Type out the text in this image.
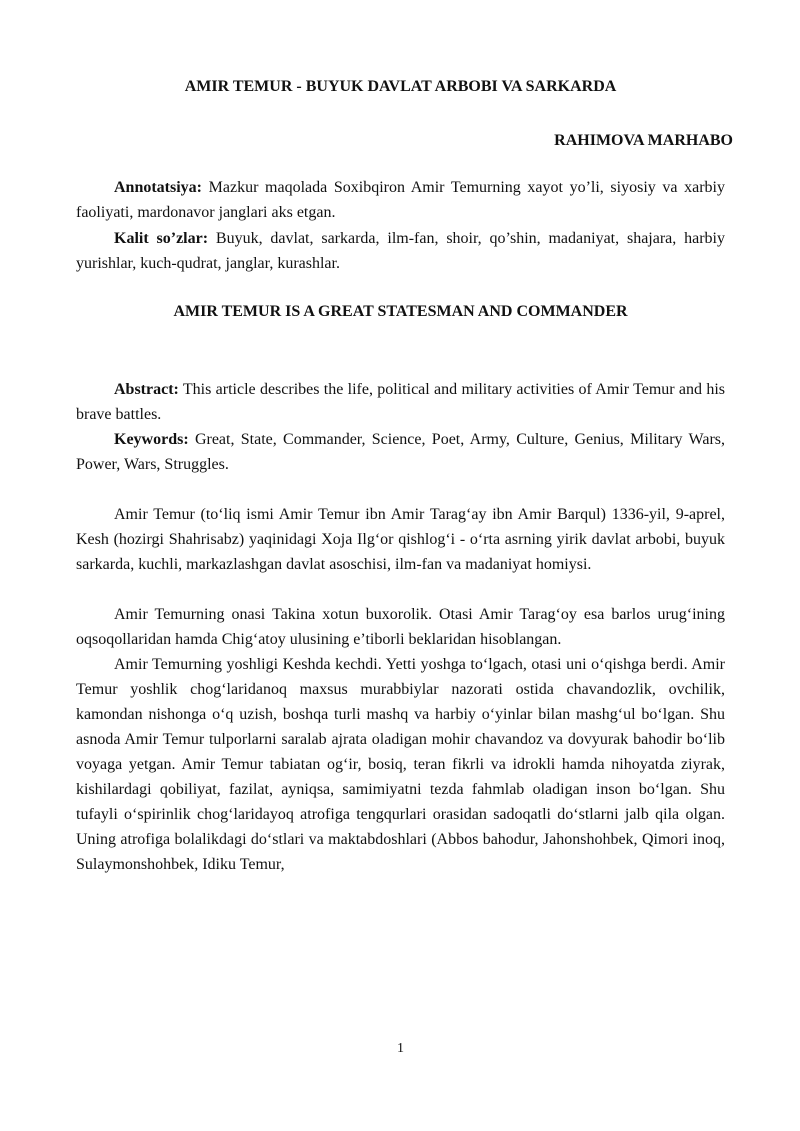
AMIR TEMUR - BUYUK DAVLAT ARBOBI VA SARKARDA

RAHIMOVA MARHABO

Annotatsiya: Mazkur maqolada Soxibqiron Amir Temurning xayot yo’li, siyosiy va xarbiy faoliyati, mardonavor janglari aks etgan.

Kalit so’zlar: Buyuk, davlat, sarkarda, ilm-fan, shoir, qo’shin, madaniyat, shajara, harbiy yurishlar, kuch-qudrat, janglar, kurashlar.

AMIR TEMUR IS A GREAT STATESMAN AND COMMANDER

Abstract: This article describes the life, political and military activities of Amir Temur and his brave battles.

Keywords: Great, State, Commander, Science, Poet, Army, Culture, Genius, Military Wars, Power, Wars, Struggles.

Amir Temur (to‘liq ismi Amir Temur ibn Amir Tarag‘ay ibn Amir Barqul) 1336-yil, 9-aprel, Kesh (hozirgi Shahrisabz) yaqinidagi Xoja Ilg‘or qishlog‘i - o‘rta asrning yirik davlat arbobi, buyuk sarkarda, kuchli, markazlashgan davlat asoschisi, ilm-fan va madaniyat homiysi.

Amir Temurning onasi Takina xotun buxorolik. Otasi Amir Tarag‘oy esa barlos urug‘ining oqsoqollaridan hamda Chig‘atoy ulusining e’tiborli beklaridan hisoblangan.

Amir Temurning yoshligi Keshda kechdi. Yetti yoshga to‘lgach, otasi uni o‘qishga berdi. Amir Temur yoshlik chog‘laridanoq maxsus murabbiylar nazorati ostida chavandozlik, ovchilik, kamondan nishonga o‘q uzish, boshqa turli mashq va harbiy o‘yinlar bilan mashg‘ul bo‘lgan. Shu asnoda Amir Temur tulporlarni saralab ajrata oladigan mohir chavandoz va dovyurak bahodir bo‘lib voyaga yetgan. Amir Temur tabiatan og‘ir, bosiq, teran fikrli va idrokli hamda nihoyatda ziyrak, kishilardagi qobiliyat, fazilat, ayniqsa, samimiyatni tezda fahmlab oladigan inson bo‘lgan. Shu tufayli o‘spirinlik chog‘laridayoq atrofiga tengqurlari orasidan sadoqatli do‘stlarni jalb qila olgan. Uning atrofiga bolalikdagi do‘stlari va maktabdoshlari (Abbos bahodur, Jahonshohbek, Qimori inoq, Sulaymonshohbek, Idiku Temur,

1
